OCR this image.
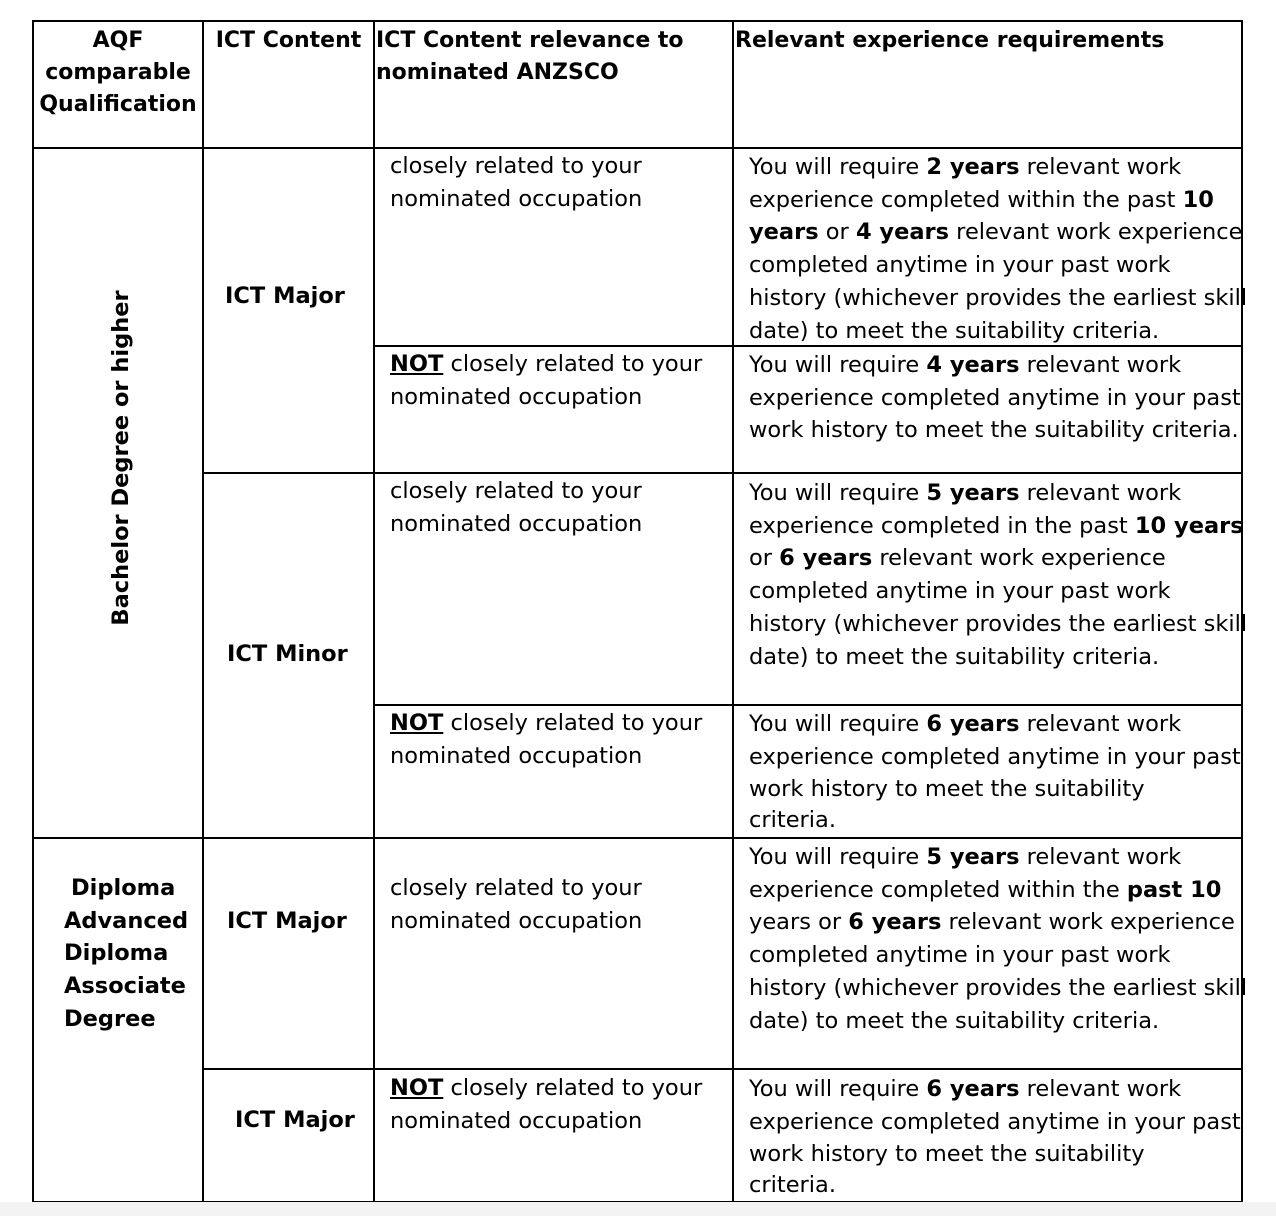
AQF
comparable
Qualification
ICT Content ICT Content relevance to
nominated ANZSCO
Relevant experience requirements
Bachelor Degree or higher
Diploma
Advanced
Diploma
Associate
Degree
ICT Major
ICT Minor
ICT Major
ICT Major
closely related to your
nominated occupation
NOT closely related to your
nominated occupation
closely related to your
nominated occupation
NOT closely related to your
nominated occupation
closely related to your
nominated occupation
NOT closely related to your
nominated occupation
You will require 2 years relevant work
experience completed within the past 10
years or 4 years relevant work experience
completed anytime in your past work
history (whichever provides the earliest skill
date) to meet the suitability criteria.
You will require 4 years relevant work
experience completed anytime in your past
work history to meet the suitability criteria.
You will require 5 years relevant work
experience completed in the past 10 years
or 6 years relevant work experience
completed anytime in your past work
history (whichever provides the earliest skill
date) to meet the suitability criteria.
You will require 6 years relevant work
experience completed anytime in your past
work history to meet the suitability
criteria.
You will require 5 years relevant work
experience completed within the past 10
years or 6 years relevant work experience
completed anytime in your past work
history (whichever provides the earliest skill
date) to meet the suitability criteria.
You will require 6 years relevant work
experience completed anytime in your past
work history to meet the suitability
criteria.
